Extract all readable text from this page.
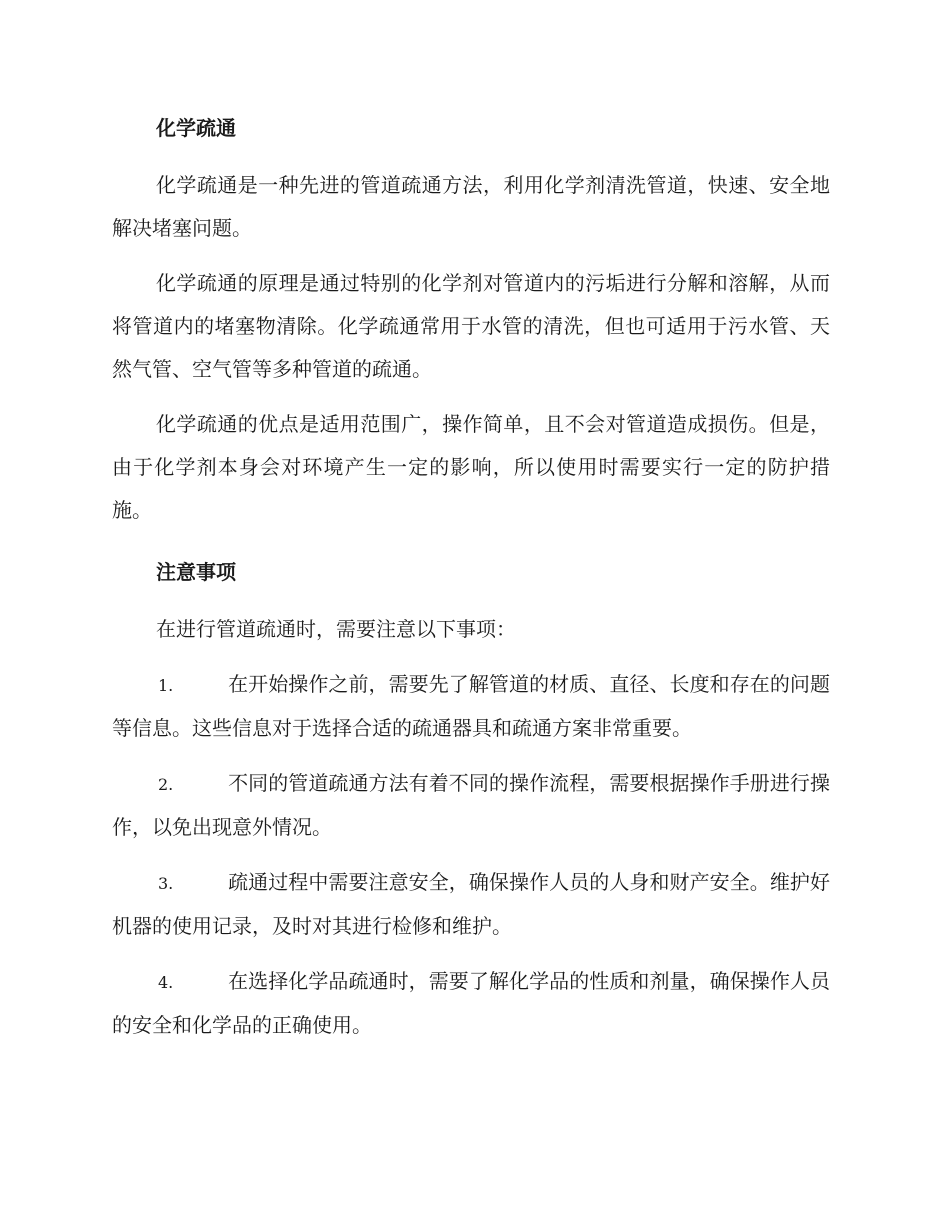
化学疏通

化学疏通是一种先进的管道疏通方法，利用化学剂清洗管道，快速、安全地解决堵塞问题。

化学疏通的原理是通过特别的化学剂对管道内的污垢进行分解和溶解，从而将管道内的堵塞物清除。化学疏通常用于水管的清洗，但也可适用于污水管、天然气管、空气管等多种管道的疏通。

化学疏通的优点是适用范围广，操作简单，且不会对管道造成损伤。但是，由于化学剂本身会对环境产生一定的影响，所以使用时需要实行一定的防护措施。

注意事项

在进行管道疏通时，需要注意以下事项：

1.	在开始操作之前，需要先了解管道的材质、直径、长度和存在的问题等信息。这些信息对于选择合适的疏通器具和疏通方案非常重要。

2.	不同的管道疏通方法有着不同的操作流程，需要根据操作手册进行操作，以免出现意外情况。

3.	疏通过程中需要注意安全，确保操作人员的人身和财产安全。维护好机器的使用记录，及时对其进行检修和维护。

4.	在选择化学品疏通时，需要了解化学品的性质和剂量，确保操作人员的安全和化学品的正确使用。
